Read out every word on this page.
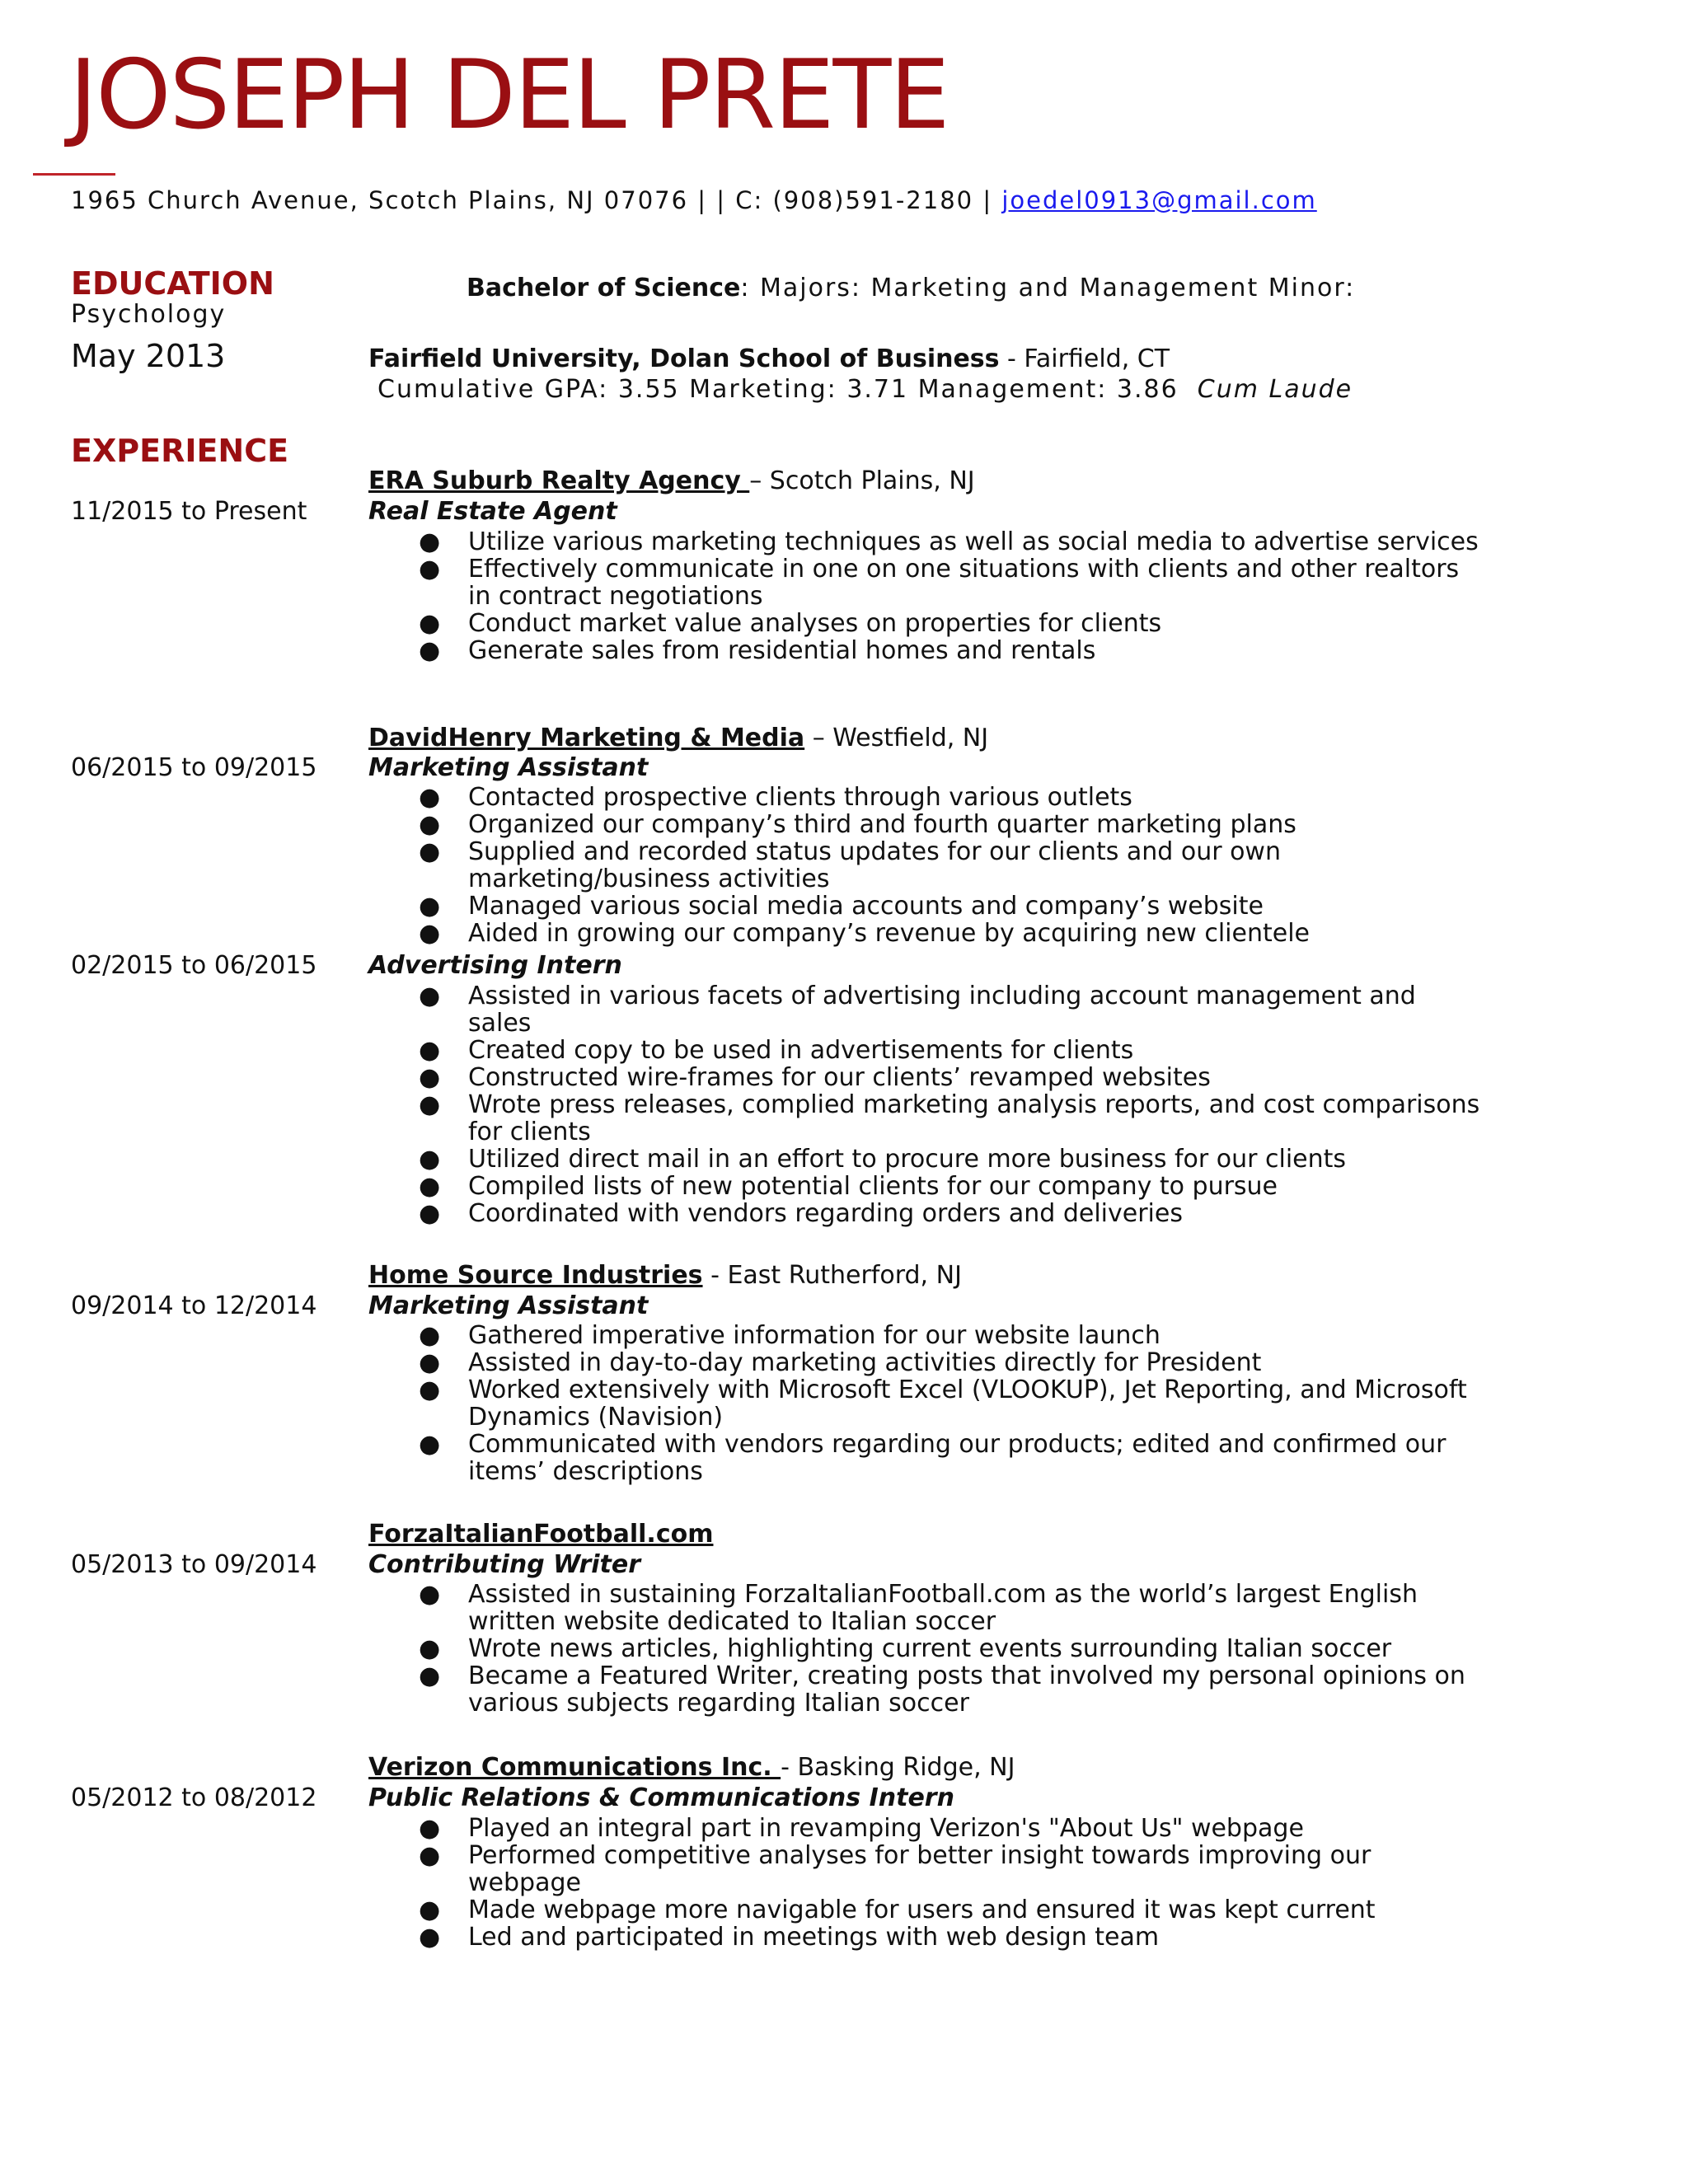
JOSEPH DEL PRETE
1965 Church Avenue, Scotch Plains, NJ 07076 | | C: (908)591-2180 | joedel0913@gmail.com
EDUCATION
Psychology
May 2013
Bachelor of Science: Majors: Marketing and Management Minor:
Fairfield University, Dolan School of Business - Fairfield, CT
Cumulative GPA: 3.55 Marketing: 3.71 Management: 3.86 Cum Laude
EXPERIENCE
ERA Suburb Realty Agency – Scotch Plains, NJ
11/2015 to Present Real Estate Agent
● Utilize various marketing techniques as well as social media to advertise services
● Effectively communicate in one on one situations with clients and other realtors in contract negotiations
● Conduct market value analyses on properties for clients
● Generate sales from residential homes and rentals
DavidHenry Marketing & Media – Westfield, NJ
06/2015 to 09/2015 Marketing Assistant
● Contacted prospective clients through various outlets
● Organized our company’s third and fourth quarter marketing plans
● Supplied and recorded status updates for our clients and our own marketing/business activities
● Managed various social media accounts and company’s website
● Aided in growing our company’s revenue by acquiring new clientele
02/2015 to 06/2015 Advertising Intern
● Assisted in various facets of advertising including account management and sales
● Created copy to be used in advertisements for clients
● Constructed wire-frames for our clients’ revamped websites
● Wrote press releases, complied marketing analysis reports, and cost comparisons for clients
● Utilized direct mail in an effort to procure more business for our clients
● Compiled lists of new potential clients for our company to pursue
● Coordinated with vendors regarding orders and deliveries
Home Source Industries - East Rutherford, NJ
09/2014 to 12/2014 Marketing Assistant
● Gathered imperative information for our website launch
● Assisted in day-to-day marketing activities directly for President
● Worked extensively with Microsoft Excel (VLOOKUP), Jet Reporting, and Microsoft Dynamics (Navision)
● Communicated with vendors regarding our products; edited and confirmed our items’ descriptions
ForzaItalianFootball.com
05/2013 to 09/2014 Contributing Writer
● Assisted in sustaining ForzaItalianFootball.com as the world’s largest English written website dedicated to Italian soccer
● Wrote news articles, highlighting current events surrounding Italian soccer
● Became a Featured Writer, creating posts that involved my personal opinions on various subjects regarding Italian soccer
Verizon Communications Inc. - Basking Ridge, NJ
05/2012 to 08/2012 Public Relations & Communications Intern
● Played an integral part in revamping Verizon's "About Us" webpage
● Performed competitive analyses for better insight towards improving our webpage
● Made webpage more navigable for users and ensured it was kept current
● Led and participated in meetings with web design team
